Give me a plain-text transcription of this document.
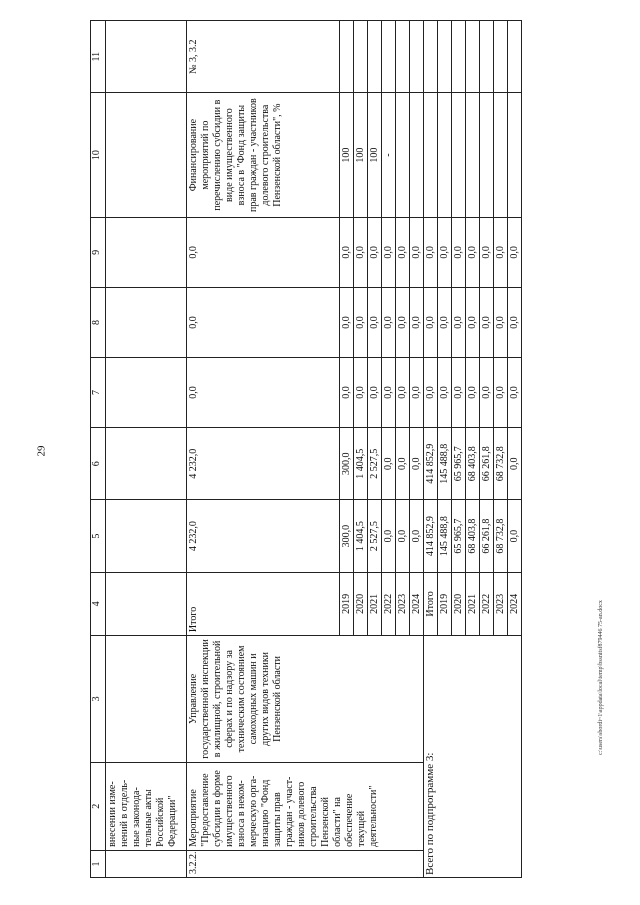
29
1	2	3	4	5	6	7	8	9	10	11
	внесении изме-нений в отдель-ные законода-тельные акты Российской Федерации"									
3.2.2.	Мероприятие "Предоставление субсидии в форме имущественного взноса в неком-мерческую орга-низацию "Фонд защиты прав граждан - участ-ников долевого строительства Пензенской области" на обеспечение текущей деятельности"	Управление государственной инспекции в жилищной, строительной сферах и по надзору за техническим состоянием самоходных машин и других видов техники Пензенской области	Итого	4 232,0	4 232,0	0,0	0,0	0,0	Финансирование мероприятий по перечислению субсидии в виде имущественного взноса в "Фонд защиты прав граждан - участников долевого строительства Пензенской области", %	№ 3, 3.2
			2019	300,0	300,0	0,0	0,0	0,0	100	
			2020	1 404,5	1 404,5	0,0	0,0	0,0	100	
			2021	2 527,5	2 527,5	0,0	0,0	0,0	100	
			2022	0,0	0,0	0,0	0,0	0,0	-	
			2023	0,0	0,0	0,0	0,0	0,0		
			2024	0,0	0,0	0,0	0,0	0,0		
Всего по подпрограмме 3:			Итого	414 852,9	414 852,9	0,0	0,0	0,0		
			2019	145 488,8	145 488,8	0,0	0,0	0,0		
			2020	65 965,7	65 965,7	0,0	0,0	0,0		
			2021	68 403,8	68 403,8	0,0	0,0	0,0		
			2022	66 261,8	66 261,8	0,0	0,0	0,0		
			2023	68 732,8	68 732,8	0,0	0,0	0,0		
			2024	0,0	0,0	0,0	0,0	0,0		
c:\users\sbordi~1\appdata\local\temp\bssnitsf879446 75-an.docx
